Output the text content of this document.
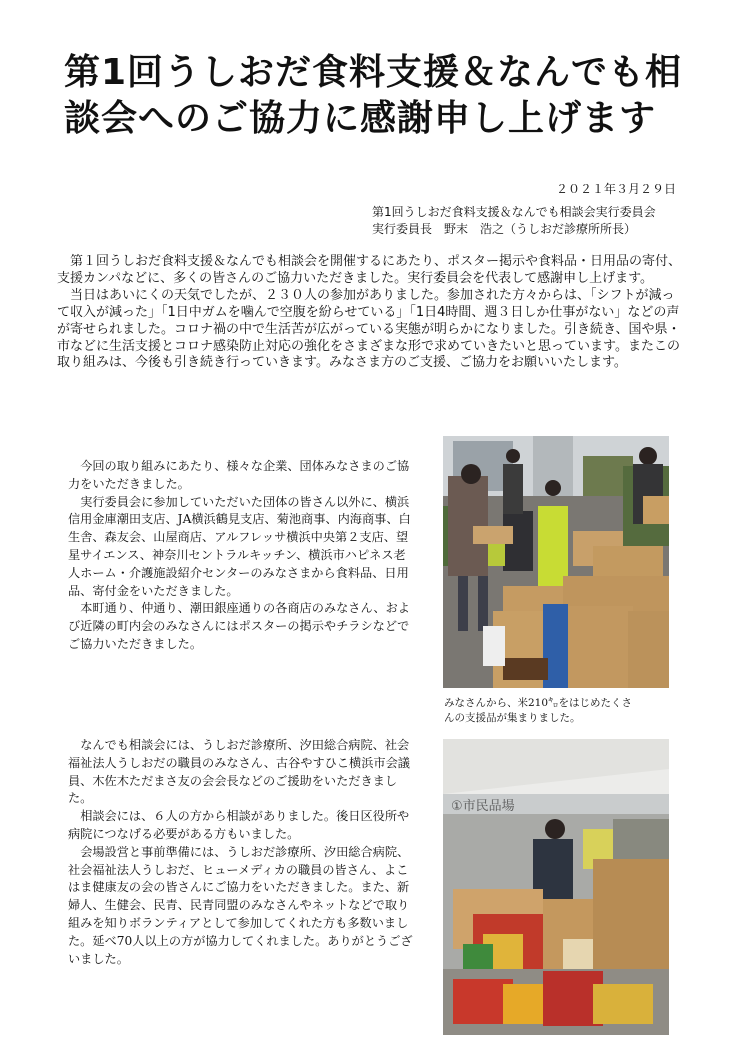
第1回うしおだ食料支援＆なんでも相
談会へのご協力に感謝申し上げます
２０２１年３月２９日
第1回うしおだ食料支援＆なんでも相談会実行委員会
実行委員長　野末　浩之（うしおだ診療所所長）

第１回うしおだ食料支援＆なんでも相談会を開催するにあたり、ポスター掲示や食料品・日用品の寄付、支援カンパなどに、多くの皆さんのご協力いただきました。実行委員会を代表して感謝申し上げます。

当日はあいにくの天気でしたが、２３０人の参加がありました。参加された方々からは、「シフトが減って収入が減った」「1日中ガムを噛んで空腹を紛らせている」「1日4時間、週３日しか仕事がない」などの声が寄せられました。コロナ禍の中で生活苦が広がっている実態が明らかになりました。引き続き、国や県・市などに生活支援とコロナ感染防止対応の強化をさまざまな形で求めていきたいと思っています。またこの取り組みは、今後も引き続き行っていきます。みなさま方のご支援、ご協力をお願いいたします。

今回の取り組みにあたり、様々な企業、団体みなさまのご協力をいただきました。

実行委員会に参加していただいた団体の皆さん以外に、横浜信用金庫潮田支店、JA横浜鶴見支店、菊池商事、内海商事、白生舎、森友会、山屋商店、アルフレッサ横浜中央第２支店、望星サイエンス、神奈川セントラルキッチン、横浜市ハピネス老人ホーム・介護施設紹介センターのみなさまから食料品、日用品、寄付金をいただきました。

本町通り、仲通り、潮田銀座通りの各商店のみなさん、および近隣の町内会のみなさんにはポスターの掲示やチラシなどでご協力いただきました。

みなさんから、米210㌔をはじめたくさ
んの支援品が集まりました。

なんでも相談会には、うしおだ診療所、汐田総合病院、社会福祉法人うしおだの職員のみなさん、古谷やすひこ横浜市会議員、木佐木ただまさ友の会会長などのご援助をいただきました。

相談会には、６人の方から相談がありました。後日区役所や病院につなげる必要がある方もいました。

会場設営と事前準備には、うしおだ診療所、汐田総合病院、社会福祉法人うしおだ、ヒューメディカの職員の皆さん、よこはま健康友の会の皆さんにご協力をいただきました。また、新婦人、生健会、民青、民青同盟のみなさんやネットなどで取り組みを知りボランティアとして参加してくれた方も多数いました。延べ70人以上の方が協力してくれました。ありがとうございました。

①市民品場
